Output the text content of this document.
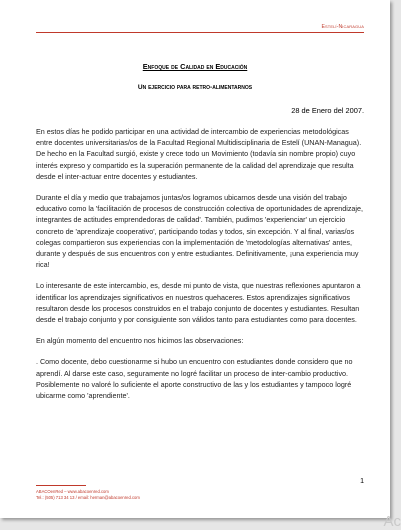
Estelí-Nicaragua
Enfoque de Calidad en Educación
Un ejercicio para retro-alimentarnos
28 de Enero del 2007.

En estos días he podido participar en una actividad de intercambio de experiencias metodológicas entre docentes universitarias/os de la Facultad Regional Multidisciplinaria de Estelí (UNAN-Managua). De hecho en la Facultad surgió, existe y crece todo un Movimiento (todavía sin nombre propio) cuyo interés expreso y compartido es la superación permanente de la calidad del aprendizaje que resulta desde el inter-actuar entre docentes y estudiantes.

Durante el día y medio que trabajamos juntas/os logramos ubicarnos desde una visión del trabajo educativo como la 'facilitación de procesos de construcción colectiva de oportunidades de aprendizaje, integrantes de actitudes emprendedoras de calidad'. También, pudimos 'experienciar' un ejercicio concreto de 'aprendizaje cooperativo', participando todas y todos, sin excepción. Y al final, varias/os colegas compartieron sus experiencias con la implementación de 'metodologías alternativas' antes, durante y después de sus encuentros con y entre estudiantes. Definitivamente, ¡una experiencia muy rica!

Lo interesante de este intercambio, es, desde mi punto de vista, que nuestras reflexiones apuntaron a identificar los aprendizajes significativos en nuestros quehaceres. Estos aprendizajes significativos resultaron desde los procesos construidos en el trabajo conjunto de docentes y estudiantes. Resultan desde el trabajo conjunto y por consiguiente son válidos tanto para estudiantes como para docentes.

En algún momento del encuentro nos hicimos las observaciones:

. Como docente, debo cuestionarme si hubo un encuentro con estudiantes donde considero que no aprendí. Al darse este caso, seguramente no logré facilitar un proceso de inter-cambio productivo. Posiblemente no valoré lo suficiente el aporte constructivo de las y los estudiantes y tampoco logré ubicarme como 'aprendiente'.

1
ABACOenRed – www.abacoenred.com
Tel.: (505) 713 34 13 / email: herman@abacoenred.com
Ac
